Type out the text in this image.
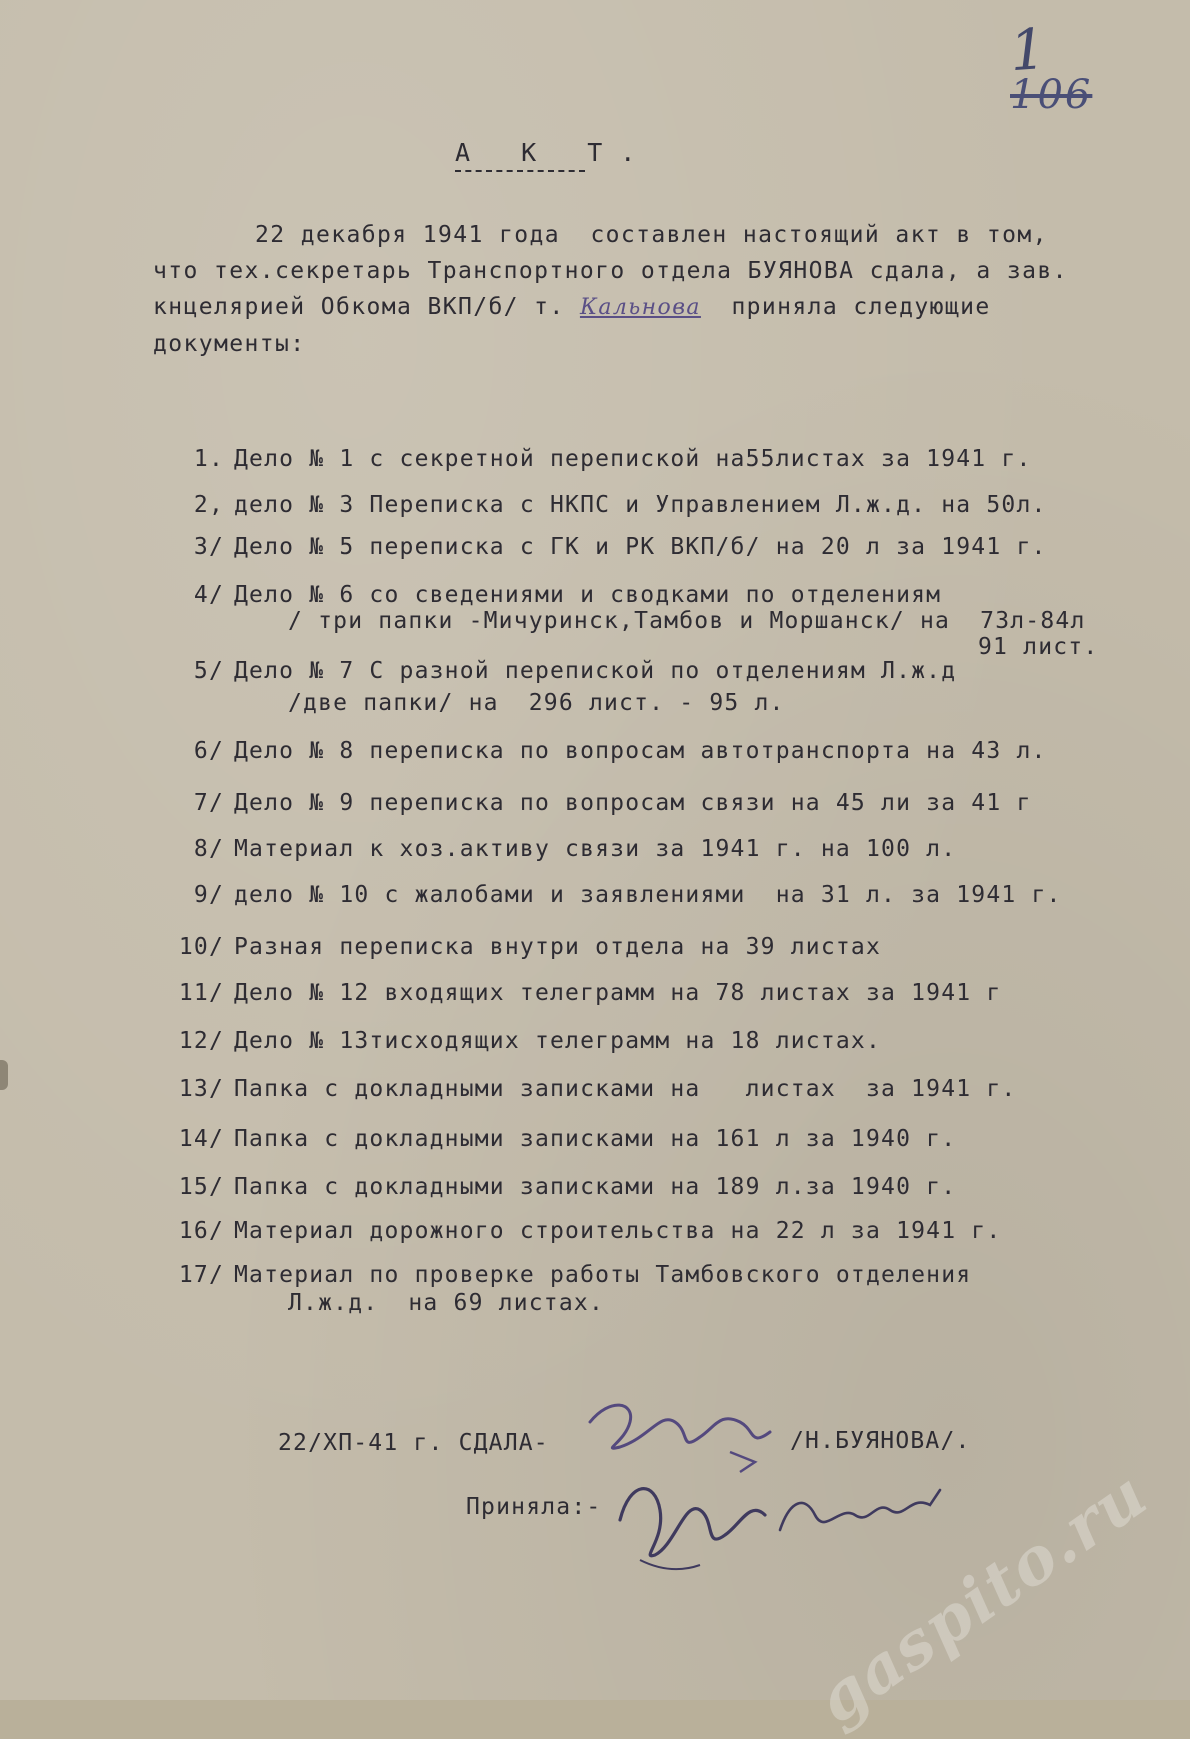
1
106
А К Т.
22 декабря 1941 года  составлен настоящий акт в том,
что тех.секретарь Транспортного отдела БУЯНОВА сдала, а зав.
кнцелярией Обкома ВКП/б/ т. Кальнова приняла следующие
документы:
1. Дело № 1 с секретной перепиской на55листах за 1941 г.
2, дело № 3 Переписка с НКПС и Управлением Л.ж.д. на 50л.
3/ Дело № 5 переписка с ГК и РК ВКП/б/ на 20 л за 1941 г.
4/ Дело № 6 со сведениями и сводками по отделениям
/ три папки -Мичуринск,Тамбов и Моршанск/ на  73л-84л
91 лист.
5/ Дело № 7 С разной перепиской по отделениям Л.ж.д
/две папки/ на  296 лист. - 95 л.
6/ Дело № 8 переписка по вопросам автотранспорта на 43 л.
7/ Дело № 9 переписка по вопросам связи на 45 ли за 41 г
8/ Материал к хоз.активу связи за 1941 г. на 100 л.
9/ дело № 10 с жалобами и заявлениями  на 31 л. за 1941 г.
10/ Разная переписка внутри отдела на 39 листах
11/ Дело № 12 входящих телеграмм на 78 листах за 1941 г
12/ Дело № 13тисходящих телеграмм на 18 листах.
13/ Папка с докладными записками на   листах  за 1941 г.
14/ Папка с докладными записками на 161 л за 1940 г.
15/ Папка с докладными записками на 189 л.за 1940 г.
16/ Материал дорожного строительства на 22 л за 1941 г.
17/ Материал по проверке работы Тамбовского отделения
Л.ж.д.  на 69 листах.
22/ХП-41 г. СДАЛА-	/Н.БУЯНОВА/.
Приняла:-	gaspito.ru
